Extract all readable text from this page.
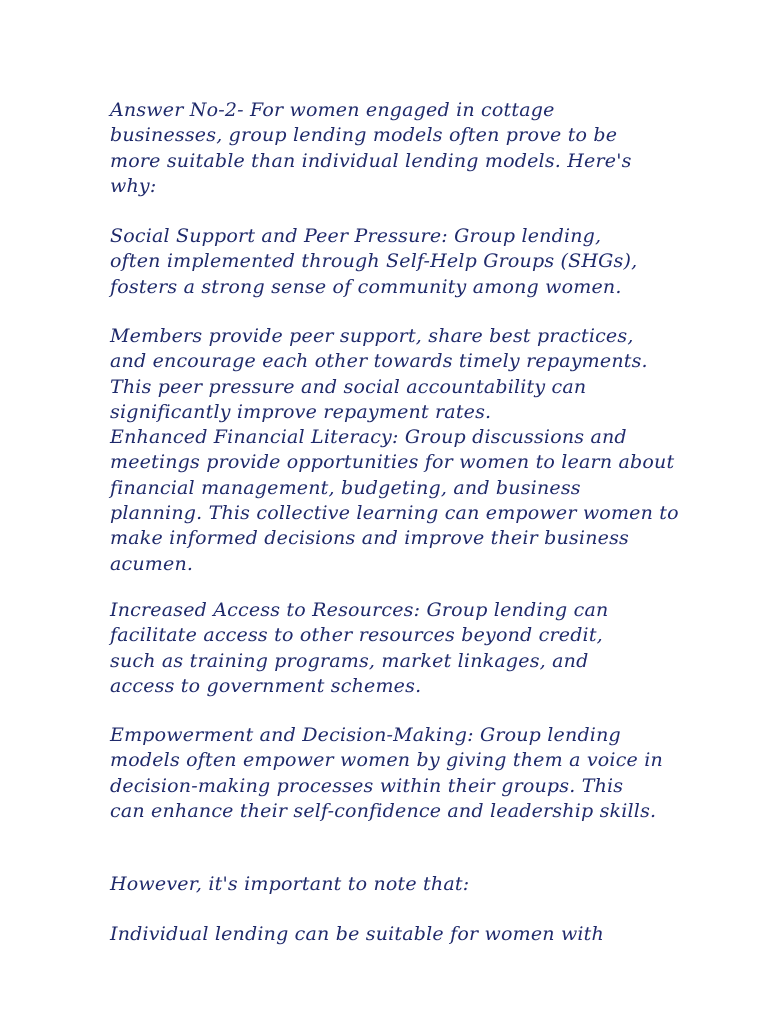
Answer No-2- For women engaged in cottage
businesses, group lending models often prove to be
more suitable than individual lending models. Here's
why:
Social Support and Peer Pressure: Group lending,
often implemented through Self-Help Groups (SHGs),
fosters a strong sense of community among women.
Members provide peer support, share best practices,
and encourage each other towards timely repayments.
This peer pressure and social accountability can
significantly improve repayment rates.
Enhanced Financial Literacy: Group discussions and
meetings provide opportunities for women to learn about
financial management, budgeting, and business
planning. This collective learning can empower women to
make informed decisions and improve their business
acumen.
Increased Access to Resources: Group lending can
facilitate access to other resources beyond credit,
such as training programs, market linkages, and
access to government schemes.
Empowerment and Decision-Making: Group lending
models often empower women by giving them a voice in
decision-making processes within their groups. This
can enhance their self-confidence and leadership skills.
However, it's important to note that:
Individual lending can be suitable for women with
